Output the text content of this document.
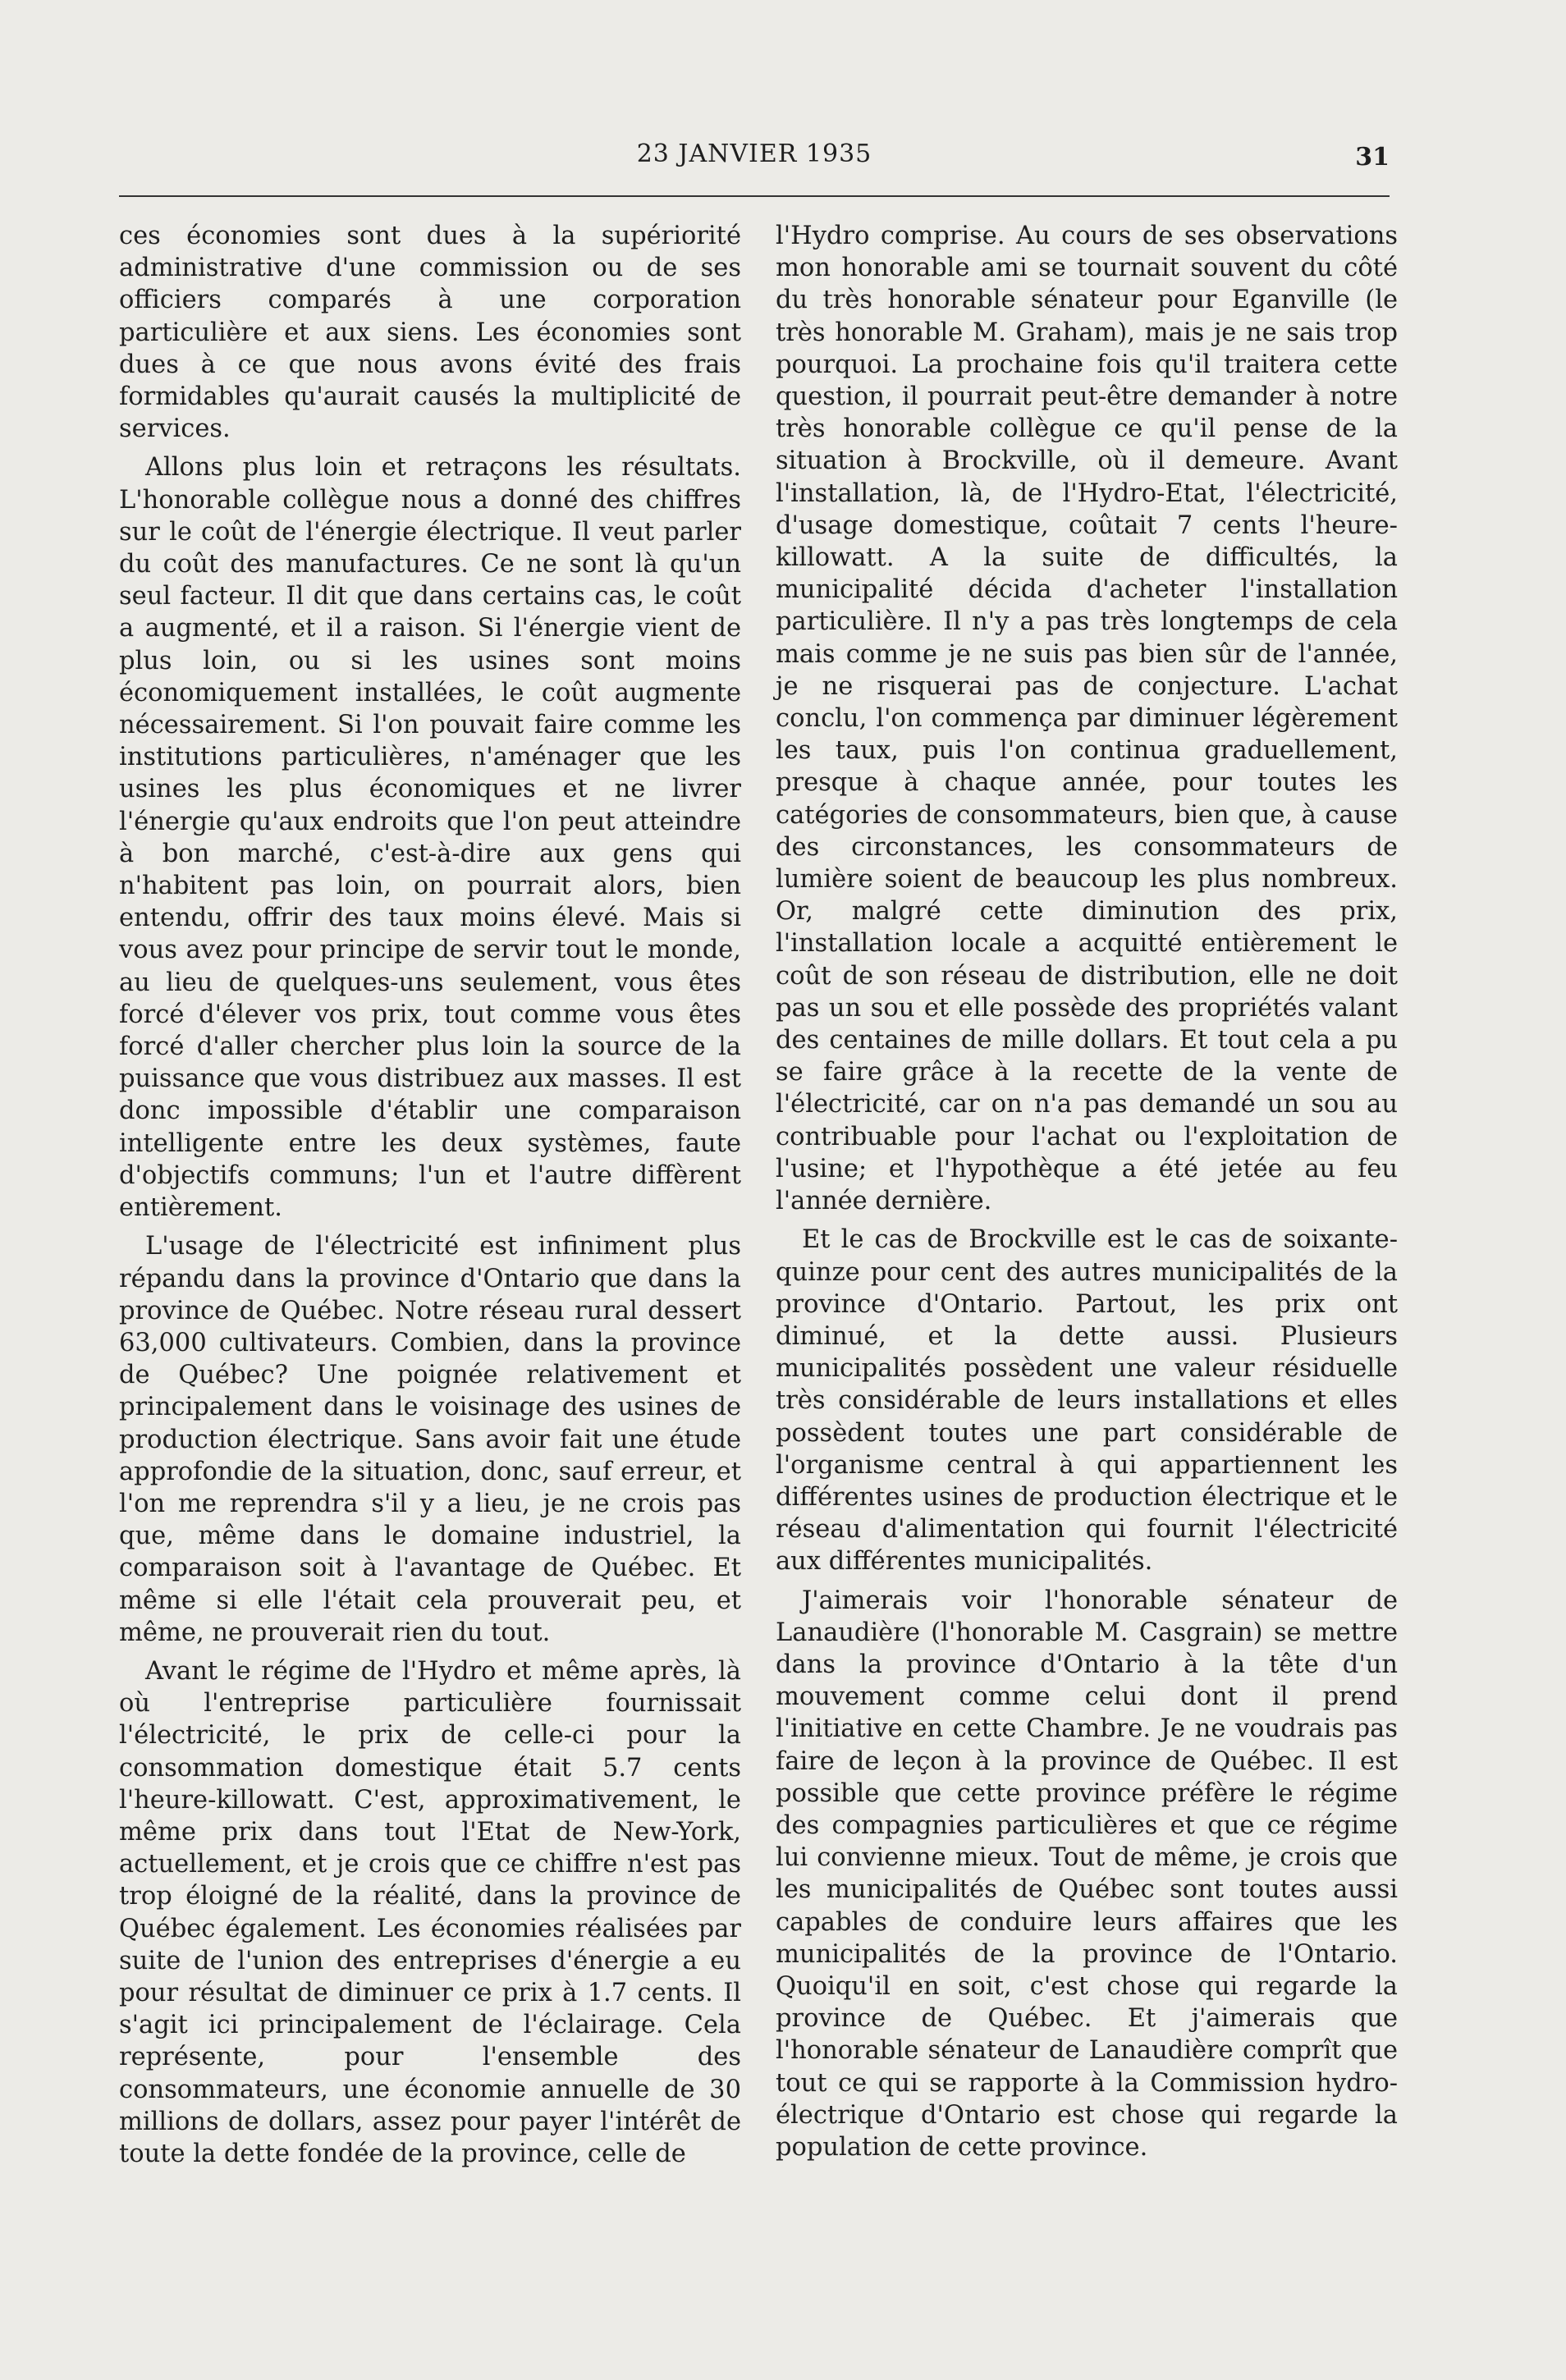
23 JANVIER 1935	31

ces économies sont dues à la supériorité administrative d'une commission ou de ses officiers comparés à une corporation particulière et aux siens. Les économies sont dues à ce que nous avons évité des frais formidables qu'aurait causés la multiplicité de services.

Allons plus loin et retraçons les résultats. L'honorable collègue nous a donné des chiffres sur le coût de l'énergie électrique. Il veut parler du coût des manufactures. Ce ne sont là qu'un seul facteur. Il dit que dans certains cas, le coût a augmenté, et il a raison. Si l'énergie vient de plus loin, ou si les usines sont moins économiquement installées, le coût augmente nécessairement. Si l'on pouvait faire comme les institutions particulières, n'aménager que les usines les plus économiques et ne livrer l'énergie qu'aux endroits que l'on peut atteindre à bon marché, c'est-à-dire aux gens qui n'habitent pas loin, on pourrait alors, bien entendu, offrir des taux moins élevé. Mais si vous avez pour principe de servir tout le monde, au lieu de quelques-uns seulement, vous êtes forcé d'élever vos prix, tout comme vous êtes forcé d'aller chercher plus loin la source de la puissance que vous distribuez aux masses. Il est donc impossible d'établir une comparaison intelligente entre les deux systèmes, faute d'objectifs communs; l'un et l'autre diffèrent entièrement.

L'usage de l'électricité est infiniment plus répandu dans la province d'Ontario que dans la province de Québec. Notre réseau rural dessert 63,000 cultivateurs. Combien, dans la province de Québec? Une poignée relativement et principalement dans le voisinage des usines de production électrique. Sans avoir fait une étude approfondie de la situation, donc, sauf erreur, et l'on me reprendra s'il y a lieu, je ne crois pas que, même dans le domaine industriel, la comparaison soit à l'avantage de Québec. Et même si elle l'était cela prouverait peu, et même, ne prouverait rien du tout.

Avant le régime de l'Hydro et même après, là où l'entreprise particulière fournissait l'électricité, le prix de celle-ci pour la consommation domestique était 5.7 cents l'heure-killowatt. C'est, approximativement, le même prix dans tout l'Etat de New-York, actuellement, et je crois que ce chiffre n'est pas trop éloigné de la réalité, dans la province de Québec également. Les économies réalisées par suite de l'union des entreprises d'énergie a eu pour résultat de diminuer ce prix à 1.7 cents. Il s'agit ici principalement de l'éclairage. Cela représente, pour l'ensemble des consommateurs, une économie annuelle de 30 millions de dollars, assez pour payer l'intérêt de toute la dette fondée de la province, celle de

l'Hydro comprise. Au cours de ses observations mon honorable ami se tournait souvent du côté du très honorable sénateur pour Eganville (le très honorable M. Graham), mais je ne sais trop pourquoi. La prochaine fois qu'il traitera cette question, il pourrait peut-être demander à notre très honorable collègue ce qu'il pense de la situation à Brockville, où il demeure. Avant l'installation, là, de l'Hydro-Etat, l'électricité, d'usage domestique, coûtait 7 cents l'heure-killowatt. A la suite de difficultés, la municipalité décida d'acheter l'installation particulière. Il n'y a pas très longtemps de cela mais comme je ne suis pas bien sûr de l'année, je ne risquerai pas de conjecture. L'achat conclu, l'on commença par diminuer légèrement les taux, puis l'on continua graduellement, presque à chaque année, pour toutes les catégories de consommateurs, bien que, à cause des circonstances, les consommateurs de lumière soient de beaucoup les plus nombreux. Or, malgré cette diminution des prix, l'installation locale a acquitté entièrement le coût de son réseau de distribution, elle ne doit pas un sou et elle possède des propriétés valant des centaines de mille dollars. Et tout cela a pu se faire grâce à la recette de la vente de l'électricité, car on n'a pas demandé un sou au contribuable pour l'achat ou l'exploitation de l'usine; et l'hypothèque a été jetée au feu l'année dernière.

Et le cas de Brockville est le cas de soixante-quinze pour cent des autres municipalités de la province d'Ontario. Partout, les prix ont diminué, et la dette aussi. Plusieurs municipalités possèdent une valeur résiduelle très considérable de leurs installations et elles possèdent toutes une part considérable de l'organisme central à qui appartiennent les différentes usines de production électrique et le réseau d'alimentation qui fournit l'électricité aux différentes municipalités.

J'aimerais voir l'honorable sénateur de Lanaudière (l'honorable M. Casgrain) se mettre dans la province d'Ontario à la tête d'un mouvement comme celui dont il prend l'initiative en cette Chambre. Je ne voudrais pas faire de leçon à la province de Québec. Il est possible que cette province préfère le régime des compagnies particulières et que ce régime lui convienne mieux. Tout de même, je crois que les municipalités de Québec sont toutes aussi capables de conduire leurs affaires que les municipalités de la province de l'Ontario. Quoiqu'il en soit, c'est chose qui regarde la province de Québec. Et j'aimerais que l'honorable sénateur de Lanaudière comprît que tout ce qui se rapporte à la Commission hydro-électrique d'Ontario est chose qui regarde la population de cette province.
